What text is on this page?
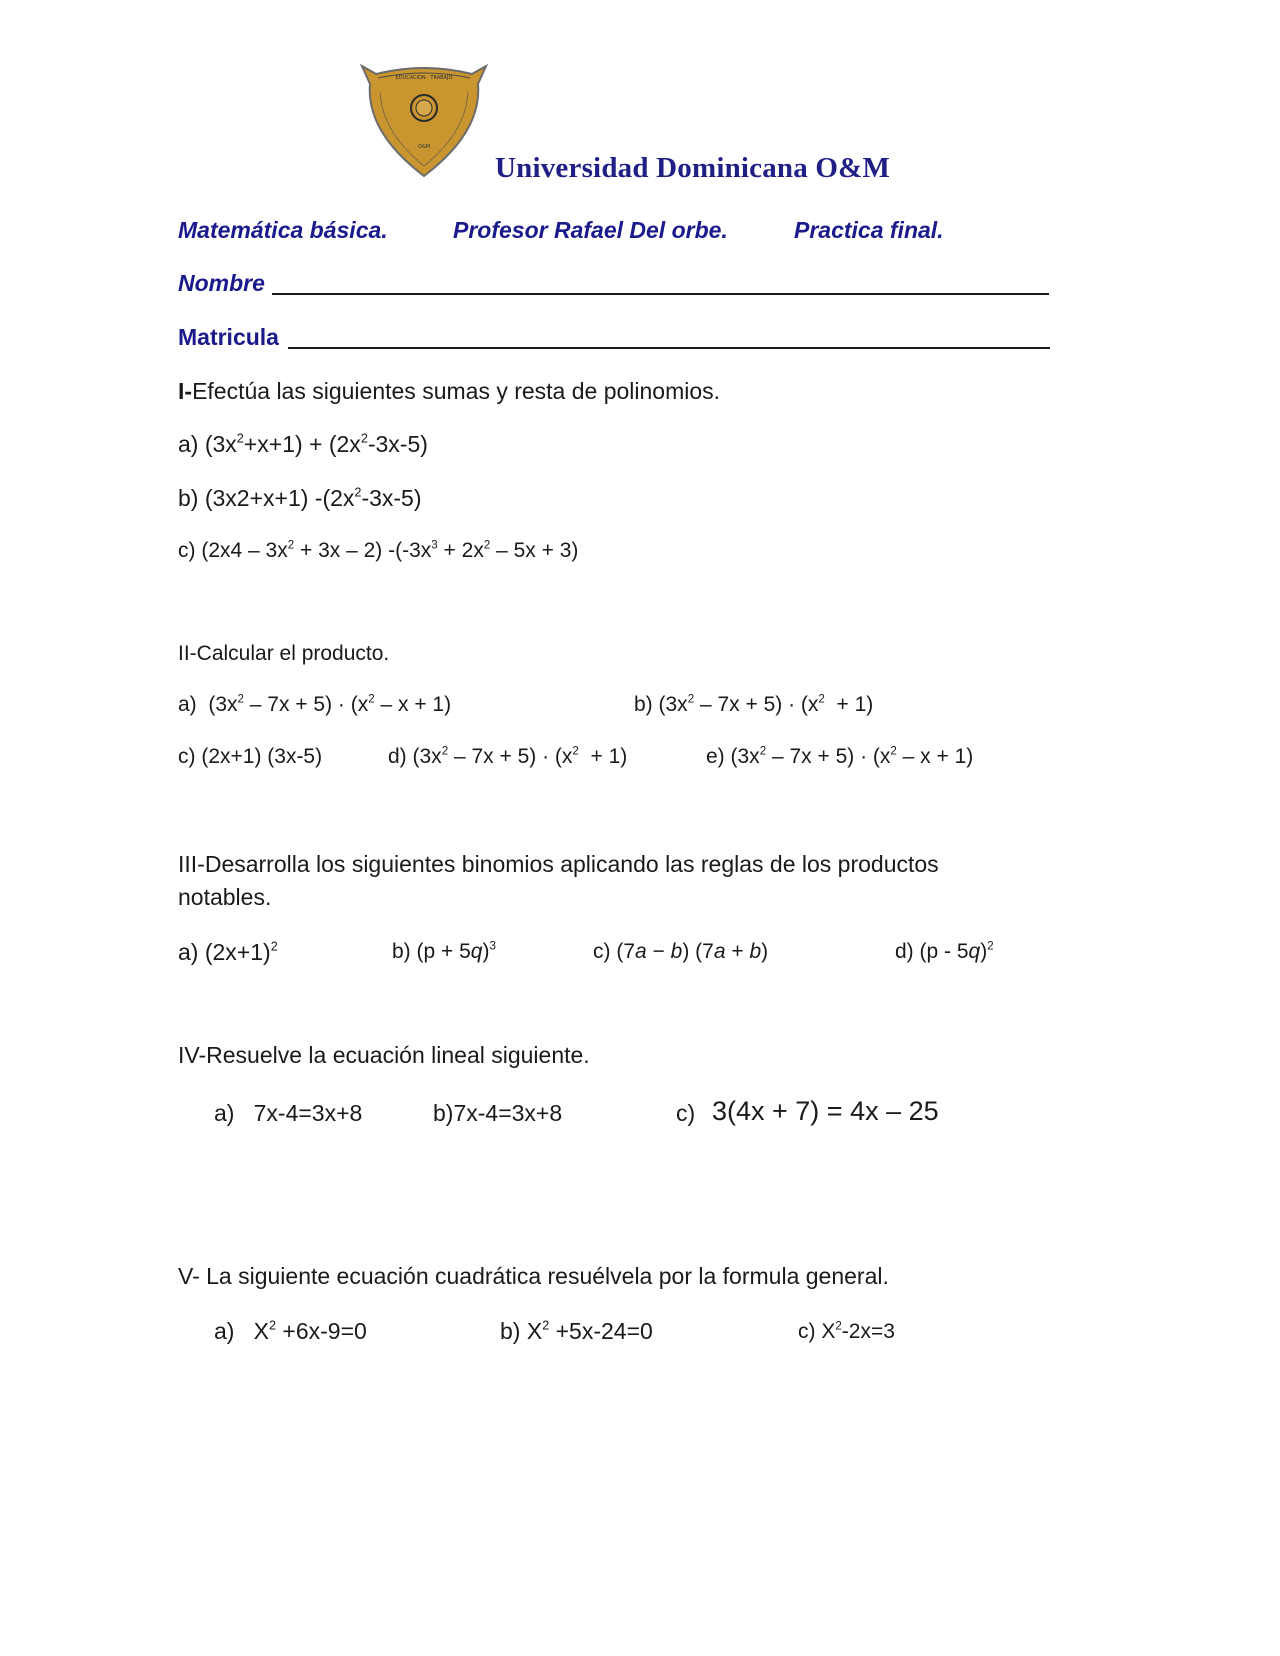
EDUCACION · TRABAJO
O&M
Universidad Dominicana O&M
Matemática básica.	Profesor Rafael Del orbe.	Practica final.
Nombre
Matricula
I-Efectúa las siguientes sumas y resta de polinomios.
a) $(3x^2+x+1) + (2x^2-3x-5)$
b) (3x2+x+1) $-(2x^2-3x-5)$
c) $(2x4 - 3x^2 + 3x - 2)$ $-(-3x^3 + 2x^2 - 5x + 3)$
II-Calcular el producto.
a)  $(3x^2 - 7x + 5) \cdot (x^2 - x + 1)$	b) $(3x^2 - 7x + 5) \cdot (x^2 + 1)$
c) (2x+1) (3x-5)	d) $(3x^2 - 7x + 5) \cdot (x^2 + 1)$	e) $(3x^2 - 7x + 5) \cdot (x^2 - x + 1)$
III-Desarrolla los siguientes binomios aplicando las reglas de los productos
notables.
a) $(2x+1)^2$	b) $(p + 5q)^3$	c) (7a − b) (7a + b)	d) (p - 5q)$^2$
IV-Resuelve la ecuación lineal siguiente.
a)   7x-4=3x+8	b)7x-4=3x+8	c) 3(4x + 7) = 4x – 25
V- La siguiente ecuación cuadrática resuélvela por la formula general.
a)   $X^2 +6x-9=0$	b) $X^2 +5x-24=0$	c) $X^2-2x=3$
